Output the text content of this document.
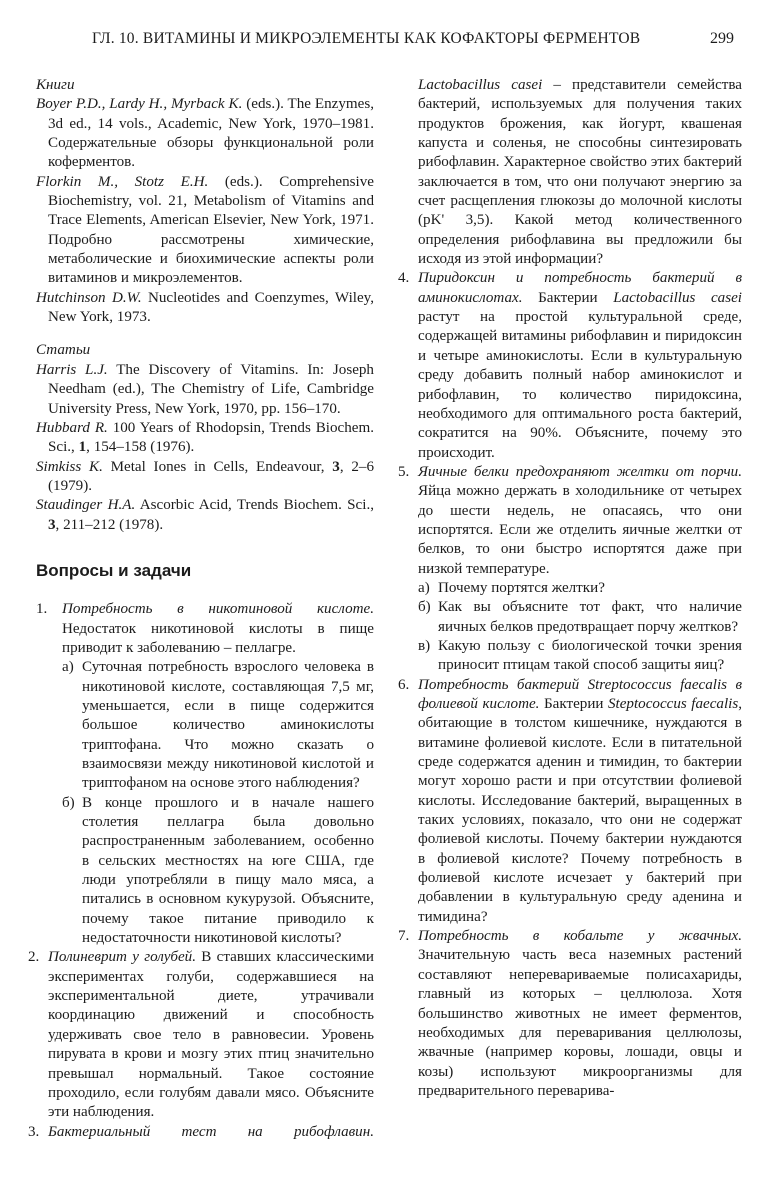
ГЛ. 10. ВИТАМИНЫ И МИКРОЭЛЕМЕНТЫ КАК КОФАКТОРЫ ФЕРМЕНТОВ	299

Книги

Boyer P.D., Lardy H., Myrback K. (eds.). The Enzymes, 3d ed., 14 vols., Academic, New York, 1970–1981. Содержательные обзоры функциональной роли коферментов.

Florkin M., Stotz E.H. (eds.). Comprehensive Biochemistry, vol. 21, Metabolism of Vitamins and Trace Elements, American Elsevier, New York, 1971. Подробно рассмотрены химические, метаболические и биохимические аспекты роли витаминов и микроэлементов.

Hutchinson D.W. Nucleotides and Coenzymes, Wiley, New York, 1973.

Статьи

Harris L.J. The Discovery of Vitamins. In: Joseph Needham (ed.), The Chemistry of Life, Cambridge University Press, New York, 1970, pp. 156–170.

Hubbard R. 100 Years of Rhodopsin, Trends Biochem. Sci., 1, 154–158 (1976).

Simkiss K. Metal Iones in Cells, Endeavour, 3, 2–6 (1979).

Staudinger H.A. Ascorbic Acid, Trends Biochem. Sci., 3, 211–212 (1978).

Вопросы и задачи

1. Потребность в никотиновой кислоте. Недостаток никотиновой кислоты в пище приводит к заболеванию – пеллагре.

а) Суточная потребность взрослого человека в никотиновой кислоте, составляющая 7,5 мг, уменьшается, если в пище содержится большое количество аминокислоты триптофана. Что можно сказать о взаимосвязи между никотиновой кислотой и триптофаном на основе этого наблюдения?

б) В конце прошлого и в начале нашего столетия пеллагра была довольно распространенным заболеванием, особенно в сельских местностях на юге США, где люди употребляли в пищу мало мяса, а питались в основном кукурузой. Объясните, почему такое питание приводило к недостаточности никотиновой кислоты?

2. Полиневрит у голубей. В ставших классическими экспериментах голуби, содержавшиеся на экспериментальной диете, утрачивали координацию движений и способность удерживать свое тело в равновесии. Уровень пирувата в крови и мозгу этих птиц значительно превышал нормальный. Такое состояние проходило, если голубям давали мясо. Объясните эти наблюдения.

3. Бактериальный тест на рибофлавин.

Lactobacillus casei – представители семейства бактерий, используемых для получения таких продуктов брожения, как йогурт, квашеная капуста и соленья, не способны синтезировать рибофлавин. Характерное свойство этих бактерий заключается в том, что они получают энергию за счет расщепления глюкозы до молочной кислоты (pK' 3,5). Какой метод количественного определения рибофлавина вы предложили бы исходя из этой информации?

4. Пиридоксин и потребность бактерий в аминокислотах. Бактерии Lactobacillus casei растут на простой культуральной среде, содержащей витамины рибофлавин и пиридоксин и четыре аминокислоты. Если в культуральную среду добавить полный набор аминокислот и рибофлавин, то количество пиридоксина, необходимого для оптимального роста бактерий, сократится на 90%. Объясните, почему это происходит.

5. Яичные белки предохраняют желтки от порчи. Яйца можно держать в холодильнике от четырех до шести недель, не опасаясь, что они испортятся. Если же отделить яичные желтки от белков, то они быстро испортятся даже при низкой температуре.

а) Почему портятся желтки?

б) Как вы объясните тот факт, что наличие яичных белков предотвращает порчу желтков?

в) Какую пользу с биологической точки зрения приносит птицам такой способ защиты яиц?

6. Потребность бактерий Streptococcus faecalis в фолиевой кислоте. Бактерии Steptococcus faecalis, обитающие в толстом кишечнике, нуждаются в витамине фолиевой кислоте. Если в питательной среде содержатся аденин и тимидин, то бактерии могут хорошо расти и при отсутствии фолиевой кислоты. Исследование бактерий, выращенных в таких условиях, показало, что они не содержат фолиевой кислоты. Почему бактерии нуждаются в фолиевой кислоте? Почему потребность в фолиевой кислоте исчезает у бактерий при добавлении в культуральную среду аденина и тимидина?

7. Потребность в кобальте у жвачных. Значительную часть веса наземных растений составляют неперевариваемые полисахариды, главный из которых – целлюлоза. Хотя большинство животных не имеет ферментов, необходимых для переваривания целлюлозы, жвачные (например коровы, лошади, овцы и козы) используют микроорганизмы для предварительного переварива-
